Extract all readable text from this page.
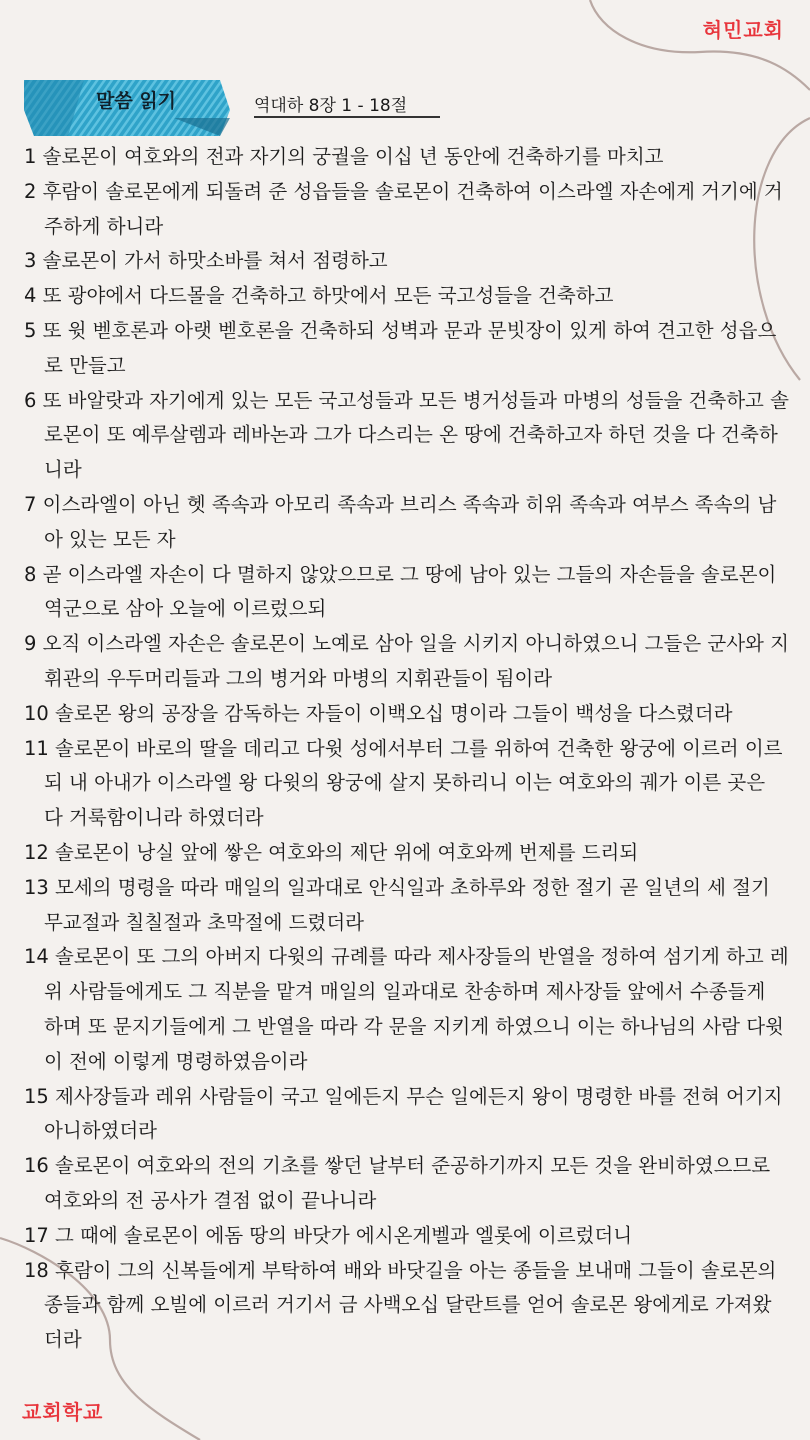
혀민교회
말씀 읽기	역대하 8장 1 - 18절

1 솔로몬이 여호와의 전과 자기의 궁궐을 이십 년 동안에 건축하기를 마치고

2 후람이 솔로몬에게 되돌려 준 성읍들을 솔로몬이 건축하여 이스라엘 자손에게 거기에 거주하게 하니라

3 솔로몬이 가서 하맛소바를 쳐서 점령하고

4 또 광야에서 다드몰을 건축하고 하맛에서 모든 국고성들을 건축하고

5 또 윗 벧호론과 아랫 벧호론을 건축하되 성벽과 문과 문빗장이 있게 하여 견고한 성읍으로 만들고

6 또 바알랏과 자기에게 있는 모든 국고성들과 모든 병거성들과 마병의 성들을 건축하고 솔로몬이 또 예루살렘과 레바논과 그가 다스리는 온 땅에 건축하고자 하던 것을 다 건축하니라

7 이스라엘이 아닌 헷 족속과 아모리 족속과 브리스 족속과 히위 족속과 여부스 족속의 남아 있는 모든 자

8 곧 이스라엘 자손이 다 멸하지 않았으므로 그 땅에 남아 있는 그들의 자손들을 솔로몬이 역군으로 삼아 오늘에 이르렀으되

9 오직 이스라엘 자손은 솔로몬이 노예로 삼아 일을 시키지 아니하였으니 그들은 군사와 지휘관의 우두머리들과 그의 병거와 마병의 지휘관들이 됨이라

10 솔로몬 왕의 공장을 감독하는 자들이 이백오십 명이라 그들이 백성을 다스렸더라

11 솔로몬이 바로의 딸을 데리고 다윗 성에서부터 그를 위하여 건축한 왕궁에 이르러 이르되 내 아내가 이스라엘 왕 다윗의 왕궁에 살지 못하리니 이는 여호와의 궤가 이른 곳은 다 거룩함이니라 하였더라

12 솔로몬이 낭실 앞에 쌓은 여호와의 제단 위에 여호와께 번제를 드리되

13 모세의 명령을 따라 매일의 일과대로 안식일과 초하루와 정한 절기 곧 일년의 세 절기 무교절과 칠칠절과 초막절에 드렸더라

14 솔로몬이 또 그의 아버지 다윗의 규례를 따라 제사장들의 반열을 정하여 섬기게 하고 레위 사람들에게도 그 직분을 맡겨 매일의 일과대로 찬송하며 제사장들 앞에서 수종들게 하며 또 문지기들에게 그 반열을 따라 각 문을 지키게 하였으니 이는 하나님의 사람 다윗이 전에 이렇게 명령하였음이라

15 제사장들과 레위 사람들이 국고 일에든지 무슨 일에든지 왕이 명령한 바를 전혀 어기지 아니하였더라

16 솔로몬이 여호와의 전의 기초를 쌓던 날부터 준공하기까지 모든 것을 완비하였으므로 여호와의 전 공사가 결점 없이 끝나니라

17 그 때에 솔로몬이 에돔 땅의 바닷가 에시온게벨과 엘롯에 이르렀더니

18 후람이 그의 신복들에게 부탁하여 배와 바닷길을 아는 종들을 보내매 그들이 솔로몬의 종들과 함께 오빌에 이르러 거기서 금 사백오십 달란트를 얻어 솔로몬 왕에게로 가져왔더라

교회학교
